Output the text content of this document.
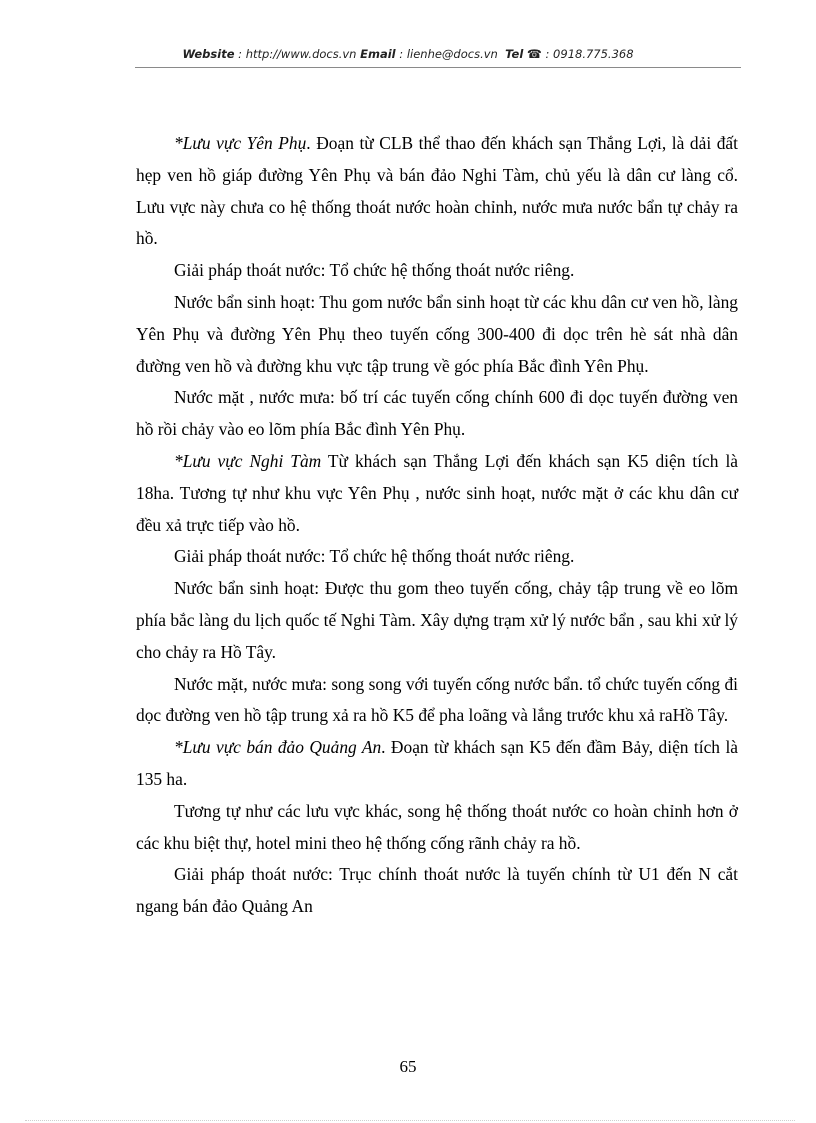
Website : http://www.docs.vn Email : lienhe@docs.vn Tel ☎ : 0918.775.368

*Lưu vực Yên Phụ. Đoạn từ CLB thể thao đến khách sạn Thắng Lợi, là dải đất hẹp ven hồ giáp đường Yên Phụ và bán đảo Nghi Tàm, chủ yếu là dân cư làng cổ. Lưu vực này chưa co hệ thống thoát nước hoàn chỉnh, nước mưa nước bẩn tự chảy ra hồ.

Giải pháp thoát nước: Tổ chức hệ thống thoát nước riêng.

Nước bẩn sinh hoạt: Thu gom nước bẩn sinh hoạt từ các khu dân cư ven hồ, làng Yên Phụ và đường Yên Phụ theo tuyến cống 300-400 đi dọc trên hè sát nhà dân đường ven hồ và đường khu vực tập trung về góc phía Bắc đình Yên Phụ.

Nước mặt , nước mưa: bố trí các tuyến cống chính 600 đi dọc tuyến đường ven hồ rồi chảy vào eo lõm phía Bắc đình Yên Phụ.

*Lưu vực Nghi Tàm Từ khách sạn Thắng Lợi đến khách sạn K5 diện tích là 18ha. Tương tự như khu vực Yên Phụ , nước sinh hoạt, nước mặt ở các khu dân cư đều xả trực tiếp vào hồ.

Giải pháp thoát nước: Tổ chức hệ thống thoát nước riêng.

Nước bẩn sinh hoạt: Được thu gom theo tuyến cống, chảy tập trung về eo lõm phía bắc làng du lịch quốc tế Nghi Tàm. Xây dựng trạm xử lý nước bẩn , sau khi xử lý cho chảy ra Hồ Tây.

Nước mặt, nước mưa: song song với tuyến cống nước bẩn. tổ chức tuyến cống đi dọc đường ven hồ tập trung xả ra hồ K5 để pha loãng và lắng trước khu xả raHồ Tây.

*Lưu vực bán đảo Quảng An. Đoạn từ khách sạn K5 đến đầm Bảy, diện tích là 135 ha.

Tương tự như các lưu vực khác, song hệ thống thoát nước co hoàn chỉnh hơn ở các khu biệt thự, hotel mini theo hệ thống cống rãnh chảy ra hồ.

Giải pháp thoát nước: Trục chính thoát nước là tuyến chính từ U1 đến N cắt ngang bán đảo Quảng An

65
